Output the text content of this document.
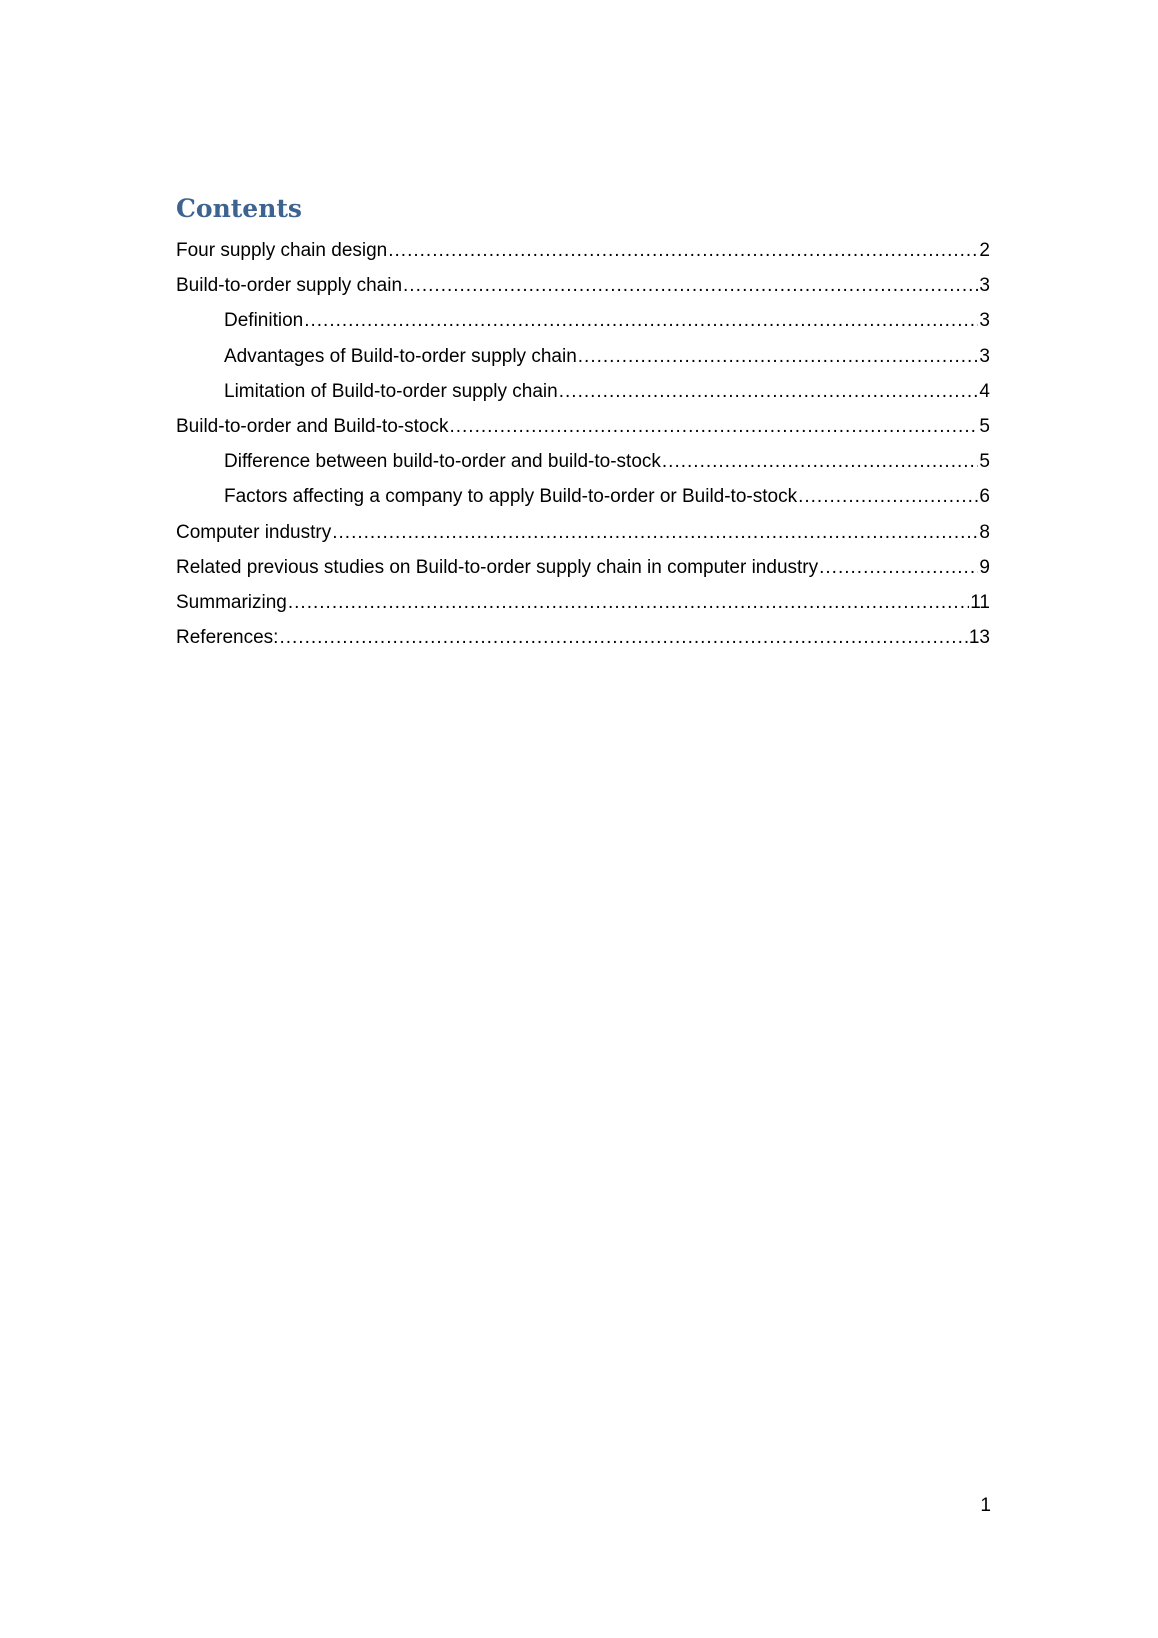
Contents
Four supply chain design .....	2
Build-to-order supply chain .....	3
Definition .....	3
Advantages of Build-to-order supply chain .....	3
Limitation of Build-to-order supply chain .....	4
Build-to-order and Build-to-stock .....	5
Difference between build-to-order and build-to-stock .....	5
Factors affecting a company to apply Build-to-order or Build-to-stock .....	6
Computer industry .....	8
Related previous studies on Build-to-order supply chain in computer industry .....	9
Summarizing .....	11
References: .....	13
1
